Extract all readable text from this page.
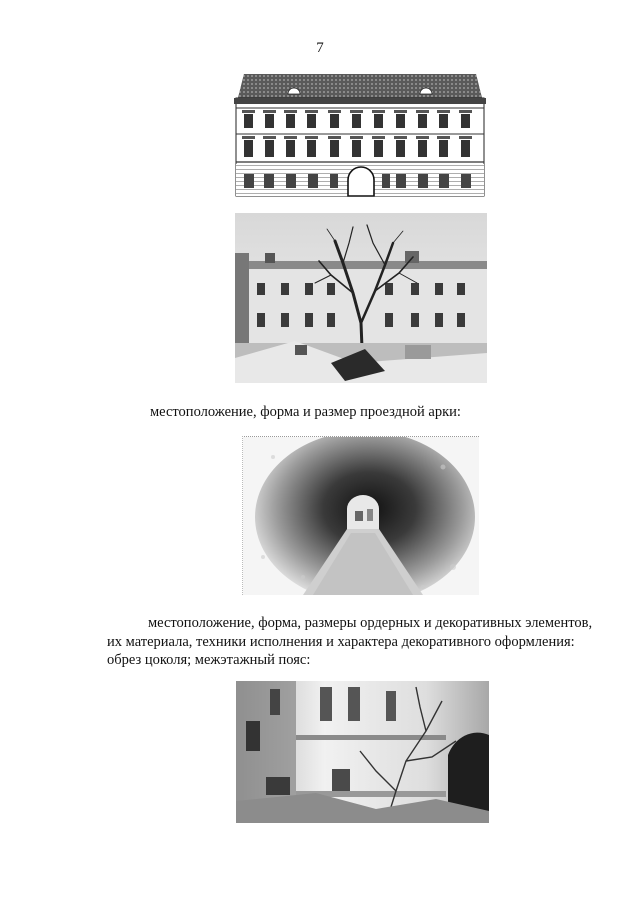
7
местоположение, форма и размер проездной арки:
местоположение, форма, размеры ордерных и декоративных элементов,
их материала, техники исполнения и характера декоративного оформления:
обрез цоколя; межэтажный пояс:
